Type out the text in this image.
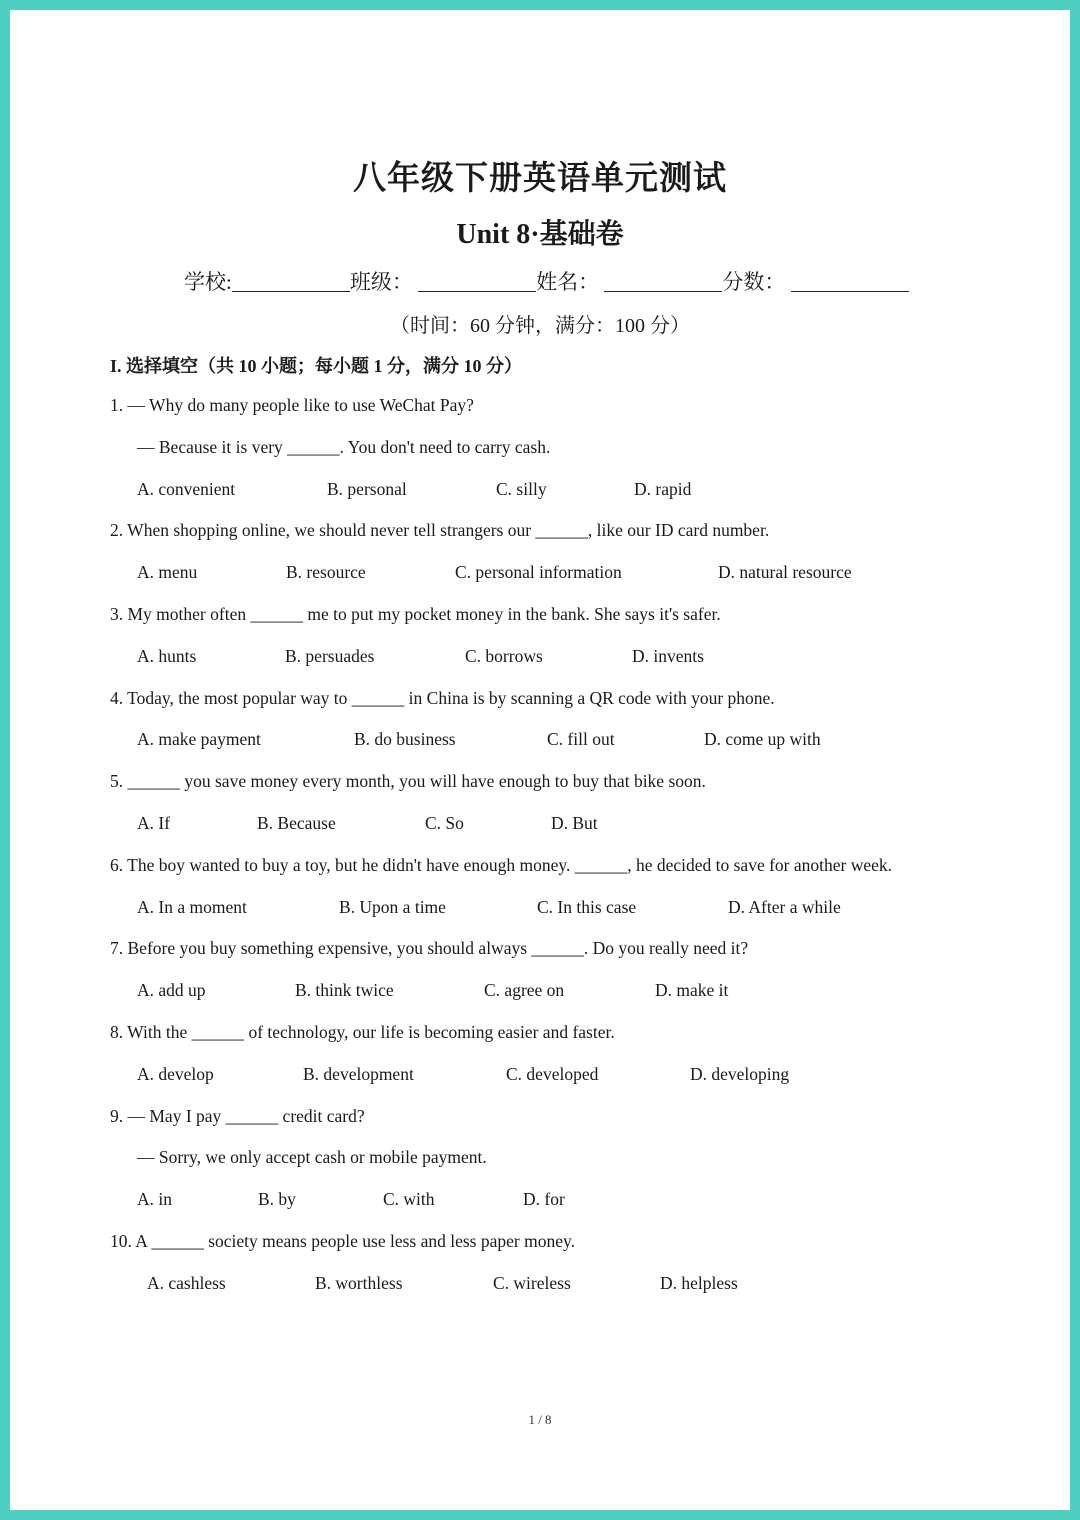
八年级下册英语单元测试
Unit 8·基础卷
学校:	班级：	姓名：	分数：
（时间：60 分钟，满分：100 分）
I. 选择填空（共 10 小题；每小题 1 分，满分 10 分）
1. — Why do many people like to use WeChat Pay?
— Because it is very ______. You don't need to carry cash.
A. convenient	B. personal	C. silly	D. rapid
2. When shopping online, we should never tell strangers our ______, like our ID card number.
A. menu	B. resource	C. personal information	D. natural resource
3. My mother often ______ me to put my pocket money in the bank. She says it's safer.
A. hunts	B. persuades	C. borrows	D. invents
4. Today, the most popular way to ______ in China is by scanning a QR code with your phone.
A. make payment	B. do business	C. fill out	D. come up with
5. ______ you save money every month, you will have enough to buy that bike soon.
A. If	B. Because	C. So	D. But
6. The boy wanted to buy a toy, but he didn't have enough money. ______, he decided to save for another week.
A. In a moment	B. Upon a time	C. In this case	D. After a while
7. Before you buy something expensive, you should always ______. Do you really need it?
A. add up	B. think twice	C. agree on	D. make it
8. With the ______ of technology, our life is becoming easier and faster.
A. develop	B. development	C. developed	D. developing
9. — May I pay ______ credit card?
— Sorry, we only accept cash or mobile payment.
A. in	B. by	C. with	D. for
10. A ______ society means people use less and less paper money.
A. cashless	B. worthless	C. wireless	D. helpless
1 / 8
